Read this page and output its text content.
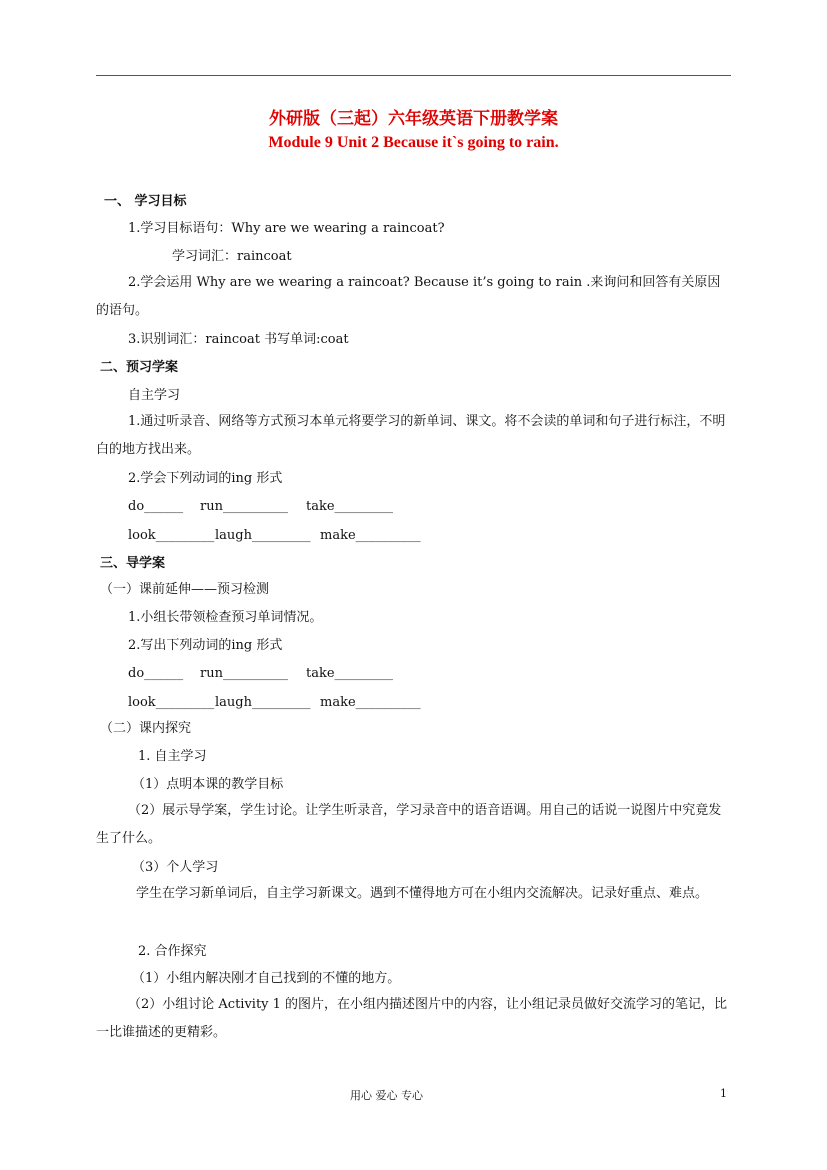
外研版（三起）六年级英语下册教学案
Module 9 Unit 2 Because it`s going to rain.
一、 学习目标
1.学习目标语句：Why are we wearing a raincoat?
学习词汇：raincoat
2.学会运用 Why are we wearing a raincoat? Because it’s going to rain .来询问和回答有关原因的语句。
3.识别词汇：raincoat 书写单词:coat
二、预习学案
自主学习
1.通过听录音、网络等方式预习本单元将要学习的新单词、课文。将不会读的单词和句子进行标注，不明白的地方找出来。
2.学会下列动词的ing 形式
do______ run__________ take_________
look_________ laugh_________ make__________
三、导学案
（一）课前延伸——预习检测
1.小组长带领检查预习单词情况。
2.写出下列动词的ing 形式
do______ run__________ take_________
look_________ laugh_________ make__________
（二）课内探究
1. 自主学习
（1）点明本课的教学目标
（2）展示导学案，学生讨论。让学生听录音，学习录音中的语音语调。用自己的话说一说图片中究竟发生了什么。
（3）个人学习
学生在学习新单词后，自主学习新课文。遇到不懂得地方可在小组内交流解决。记录好重点、难点。
2. 合作探究
（1）小组内解决刚才自己找到的不懂的地方。
（2）小组讨论 Activity 1 的图片，在小组内描述图片中的内容，让小组记录员做好交流学习的笔记，比一比谁描述的更精彩。
用心 爱心 专心	1
